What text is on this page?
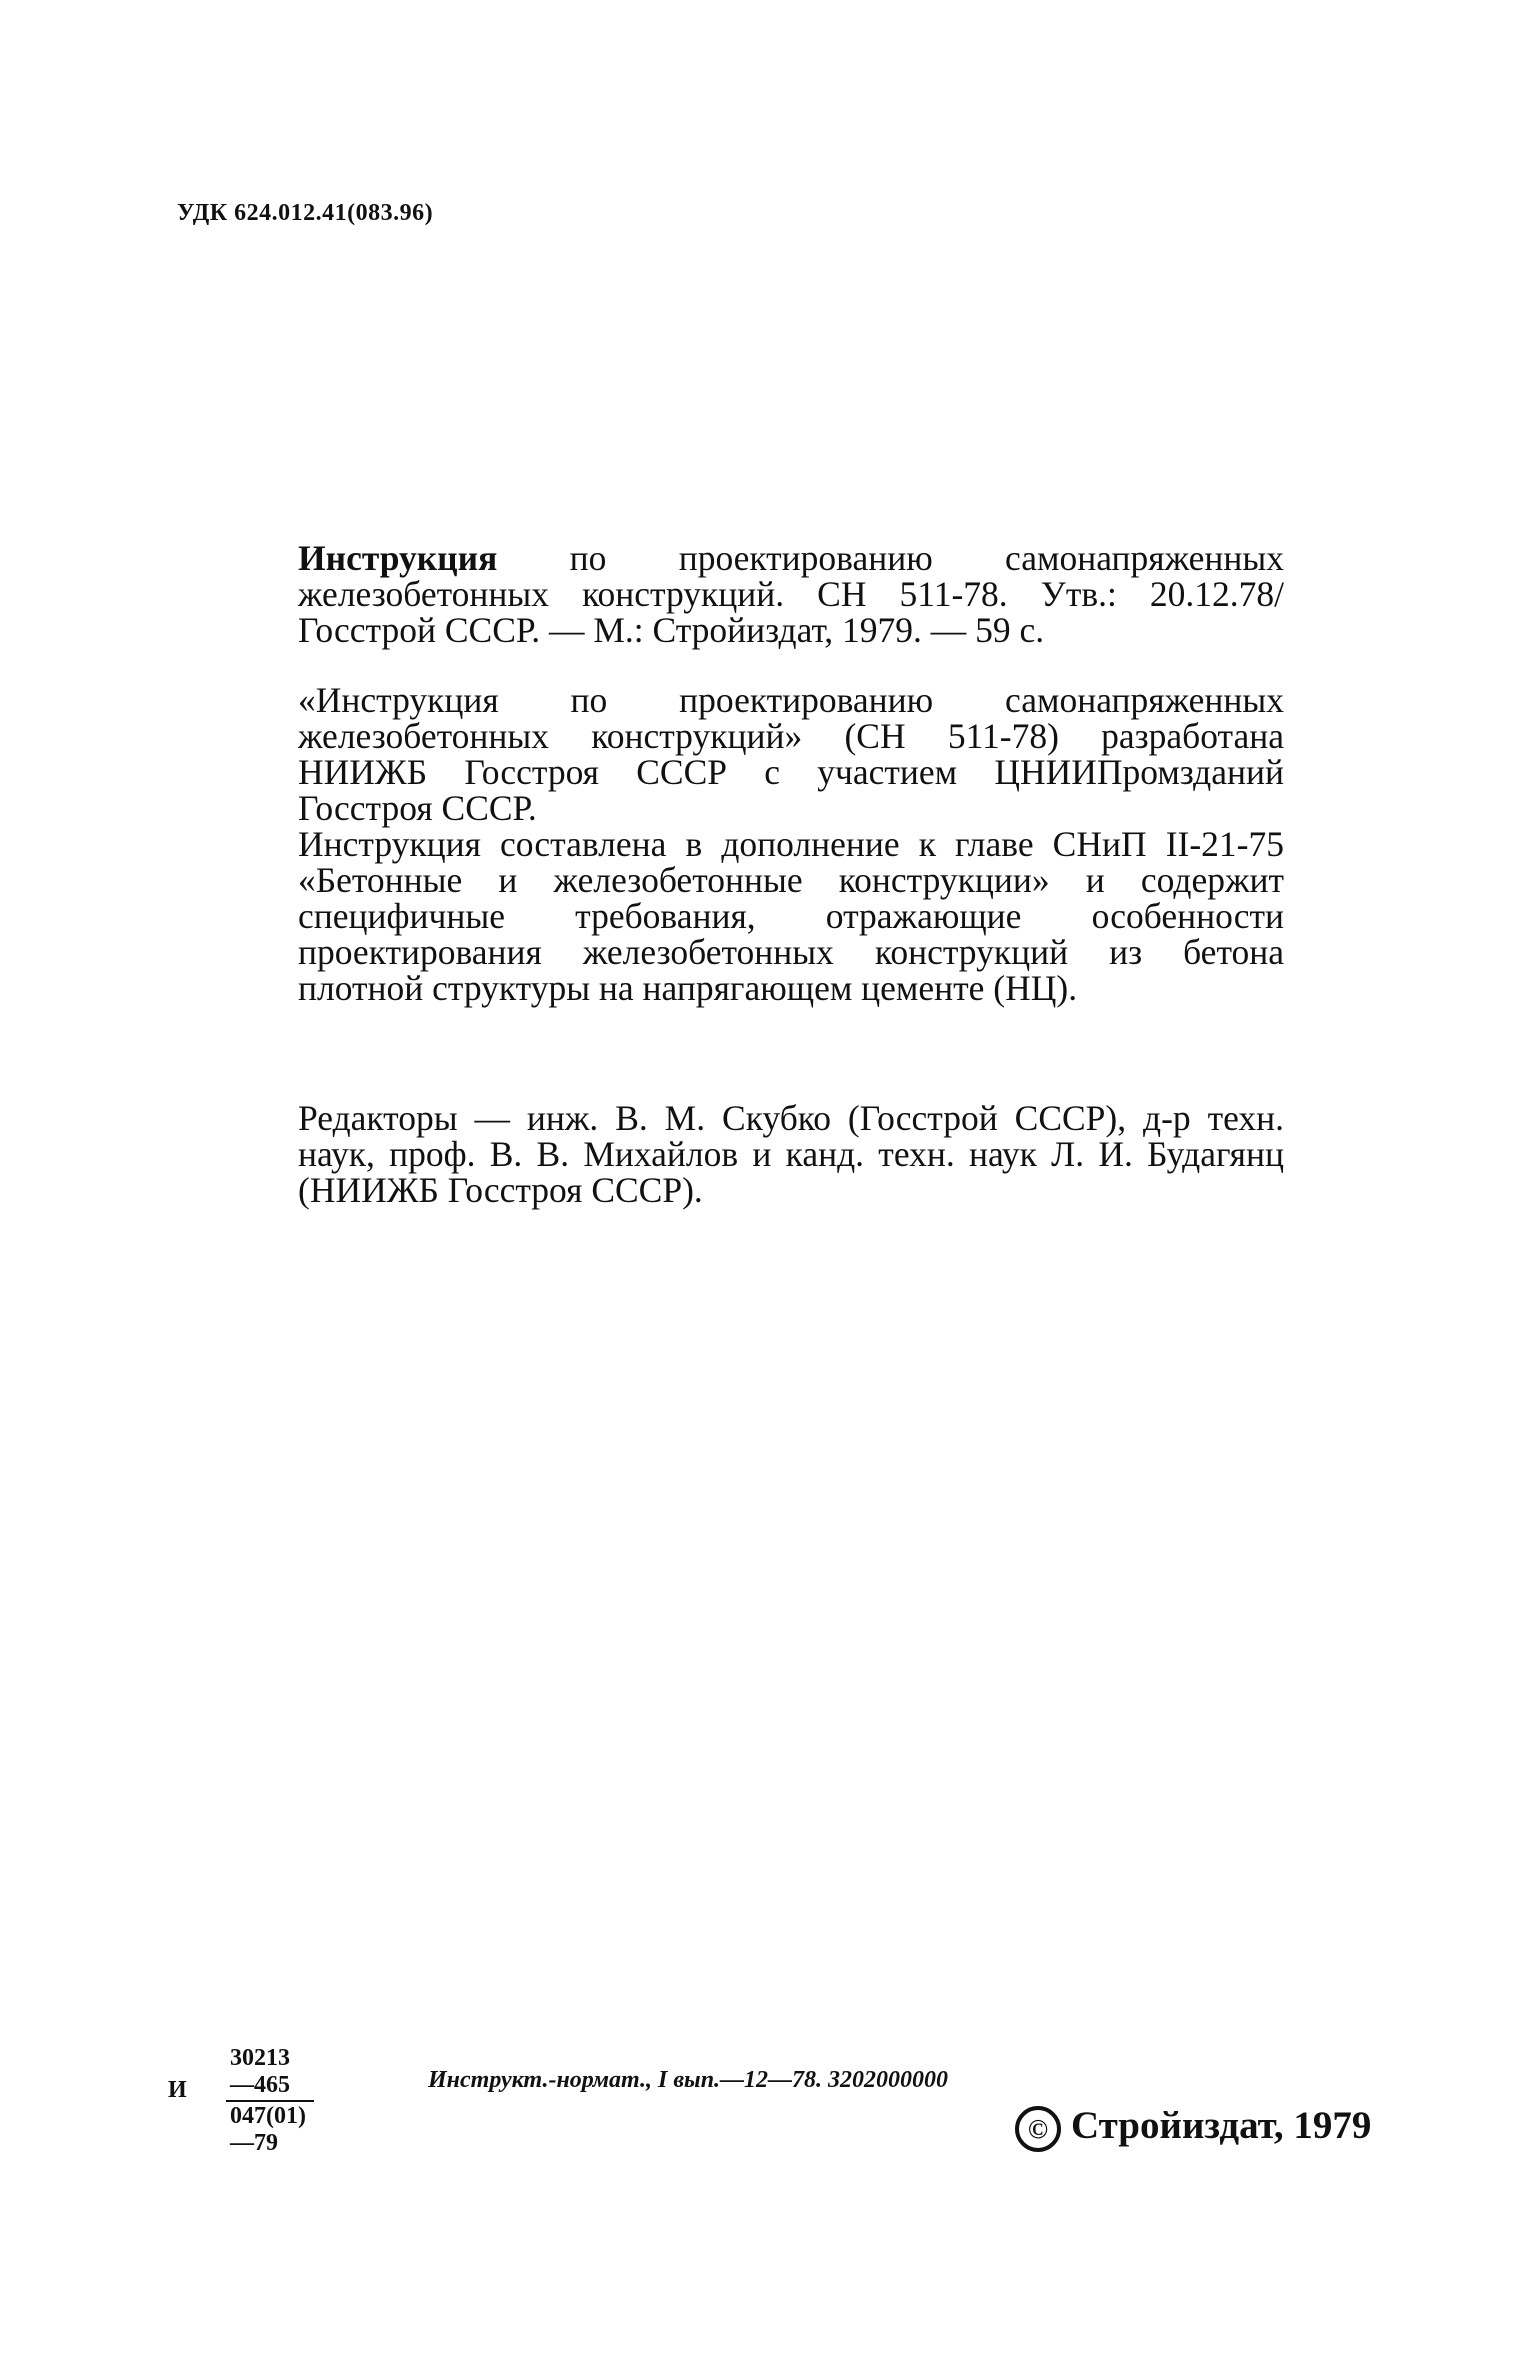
УДК 624.012.41(083.96)

Инструкция по проектированию самонапряженных железобетонных конструкций. СН 511-78. Утв.: 20.12.78/Госстрой СССР. — М.: Стройиздат, 1979. — 59 с.

«Инструкция по проектированию самонапряженных железобетонных конструкций» (СН 511-78) разработана НИИЖБ Госстроя СССР с участием ЦНИИПромзданий Госстроя СССР.

Инструкция составлена в дополнение к главе СНиП II-21-75 «Бетонные и железобетонные конструкции» и содержит специфичные требования, отражающие особенности проектирования железобетонных конструкций из бетона плотной структуры на напрягающем цементе (НЦ).

Редакторы — инж. В. М. Скубко (Госстрой СССР), д-р техн. наук, проф. В. В. Михайлов и канд. техн. наук Л. И. Будагянц (НИИЖБ Госстроя СССР).

И $\frac{30213—465}{047(01)—79}$	Инструкт.-нормат., I вып.—12—78. 3202000000
© Стройиздат, 1979
